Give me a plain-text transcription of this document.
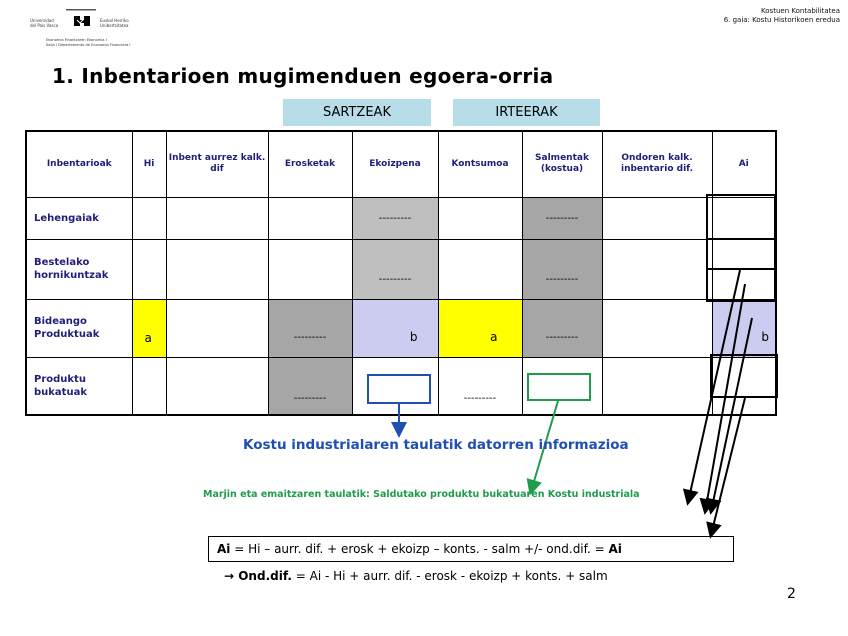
Universidad
del País Vasco
Euskal Herriko
Unibertsitatea
Ekonomia Finantzaren Ekonomia I
Saila / Departamento de Economía Financiera I
Kostuen Kontabilitatea
6. gaia: Kostu Historikoen eredua
1. Inbentarioen mugimenduen egoera-orria
SARTZEAK	IRTEERAK
Inbentarioak	Hi	Inbent aurrez kalk. dif	Erosketak	Ekoizpena	Kontsumoa	Salmentak (kostua)	Ondoren kalk. inbentario dif.	Ai
Lehengaiak				---------		---------		
Bestelako hornikuntzak				---------		---------		
Bideango Produktuak	a		---------	b	a	---------		b
Produktu bukatuak			---------		---------			
Kostu industrialaren taulatik datorren informazioa
Marjin eta emaitzaren taulatik: Saldutako produktu bukatuaren Kostu industriala
Ai = Hi – aurr. dif. + erosk + ekoizp – konts. - salm +/- ond.dif. = Ai
→ Ond.dif. = Ai - Hi + aurr. dif. - erosk - ekoizp + konts. + salm
2
